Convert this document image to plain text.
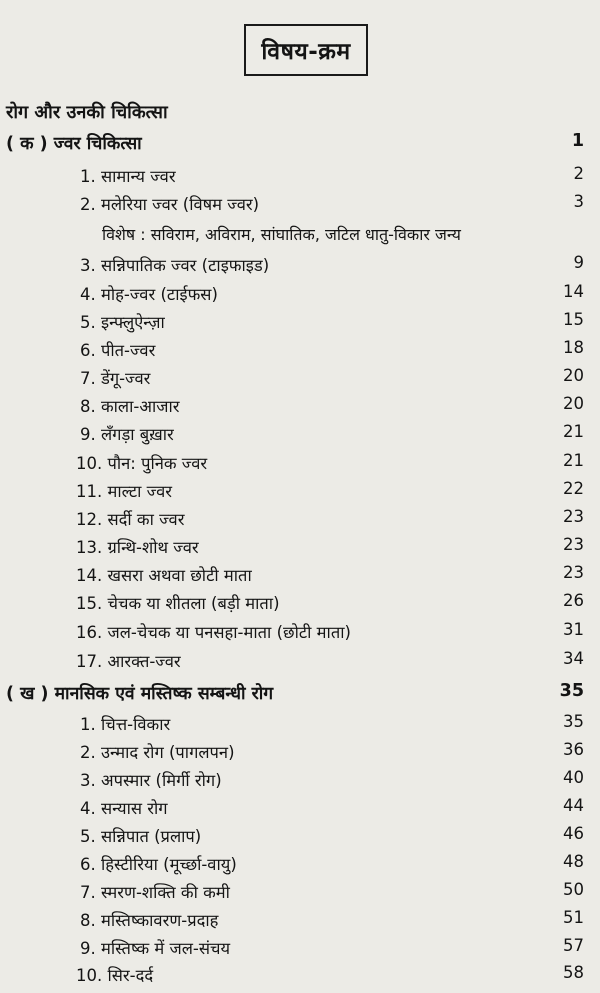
विषय-क्रम
रोग और उनकी चिकित्सा
( क ) ज्वर चिकित्सा	1
1. सामान्य ज्वर	2
2. मलेरिया ज्वर (विषम ज्वर)	3
विशेष : सविराम, अविराम, सांघातिक, जटिल धातु-विकार जन्य
3. सन्निपातिक ज्वर (टाइफाइड)	9
4. मोह-ज्वर (टाईफस)	14
5. इन्फ्लुऐन्ज़ा	15
6. पीत-ज्वर	18
7. डेंगू-ज्वर	20
8. काला-आजार	20
9. लँगड़ा बुख़ार	21
10. पौन: पुनिक ज्वर	21
11. माल्टा ज्वर	22
12. सर्दी का ज्वर	23
13. ग्रन्थि-शोथ ज्वर	23
14. खसरा अथवा छोटी माता	23
15. चेचक या शीतला (बड़ी माता)	26
16. जल-चेचक या पनसहा-माता (छोटी माता)	31
17. आरक्त-ज्वर	34
( ख ) मानसिक एवं मस्तिष्क सम्बन्धी रोग	35
1. चित्त-विकार	35
2. उन्माद रोग (पागलपन)	36
3. अपस्मार (मिर्गी रोग)	40
4. सन्यास रोग	44
5. सन्निपात (प्रलाप)	46
6. हिस्टीरिया (मूर्च्छा-वायु)	48
7. स्मरण-शक्ति की कमी	50
8. मस्तिष्कावरण-प्रदाह	51
9. मस्तिष्क में जल-संचय	57
10. सिर-दर्द	58
